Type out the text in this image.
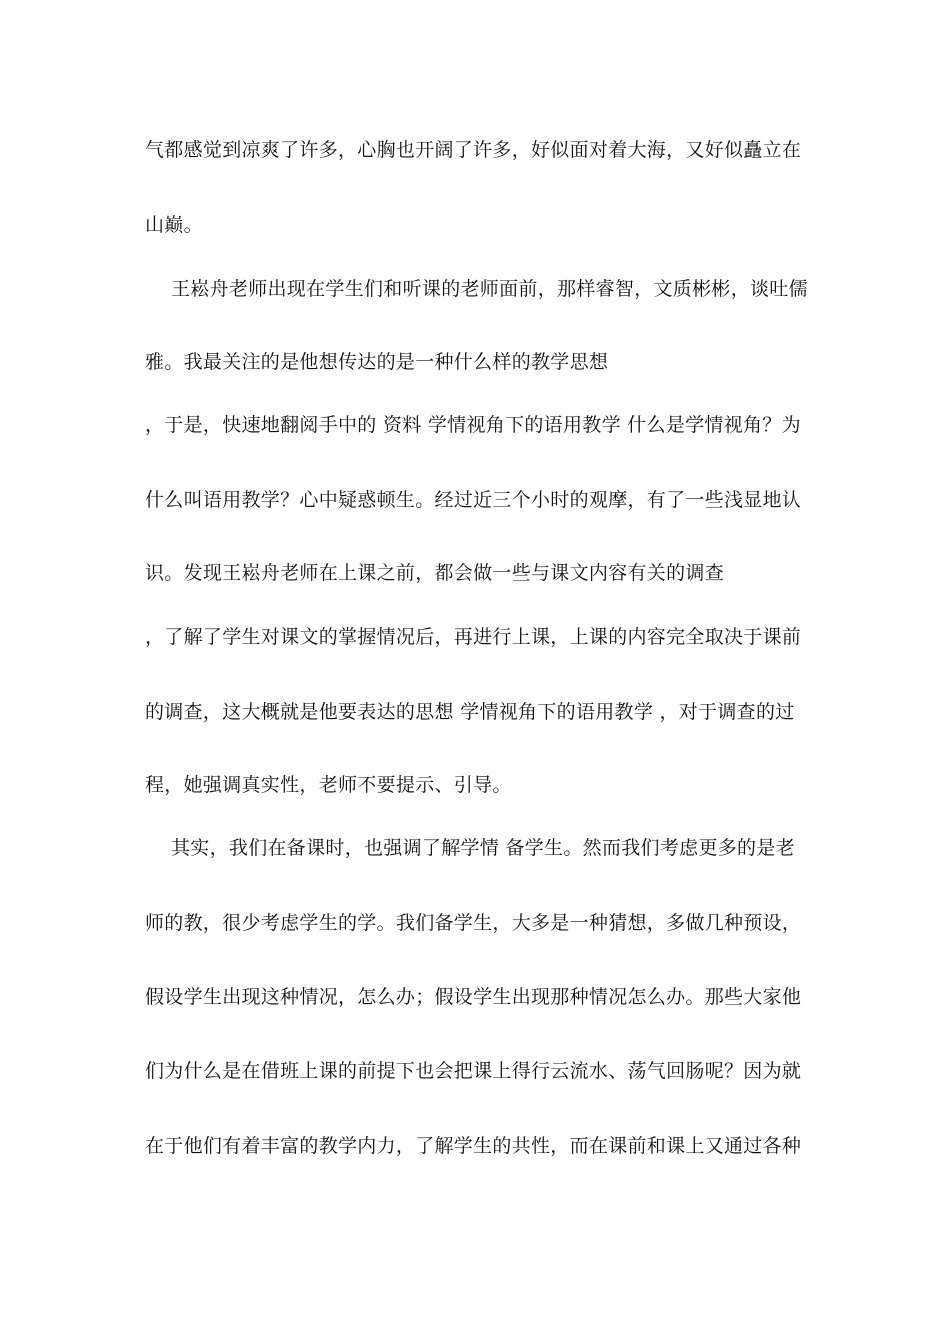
气都感觉到凉爽了许多，心胸也开阔了许多，好似面对着大海，又好似矗立在
山巅。
王崧舟老师出现在学生们和听课的老师面前，那样睿智，文质彬彬，谈吐儒
雅。我最关注的是他想传达的是一种什么样的教学思想
，于是，快速地翻阅手中的 资料 学情视角下的语用教学 什么是学情视角？为
什么叫语用教学？心中疑惑顿生。经过近三个小时的观摩，有了一些浅显地认
识。发现王崧舟老师在上课之前，都会做一些与课文内容有关的调查
，了解了学生对课文的掌握情况后，再进行上课，上课的内容完全取决于课前
的调查，这大概就是他要表达的思想 学情视角下的语用教学 ，对于调查的过
程，她强调真实性，老师不要提示、引导。
其实，我们在备课时，也强调了解学情 备学生。然而我们考虑更多的是老
师的教，很少考虑学生的学。我们备学生，大多是一种猜想，多做几种预设，
假设学生出现这种情况，怎么办；假设学生出现那种情况怎么办。那些大家他
们为什么是在借班上课的前提下也会把课上得行云流水、荡气回肠呢？因为就
在于他们有着丰富的教学内力，了解学生的共性，而在课前和课上又通过各种
